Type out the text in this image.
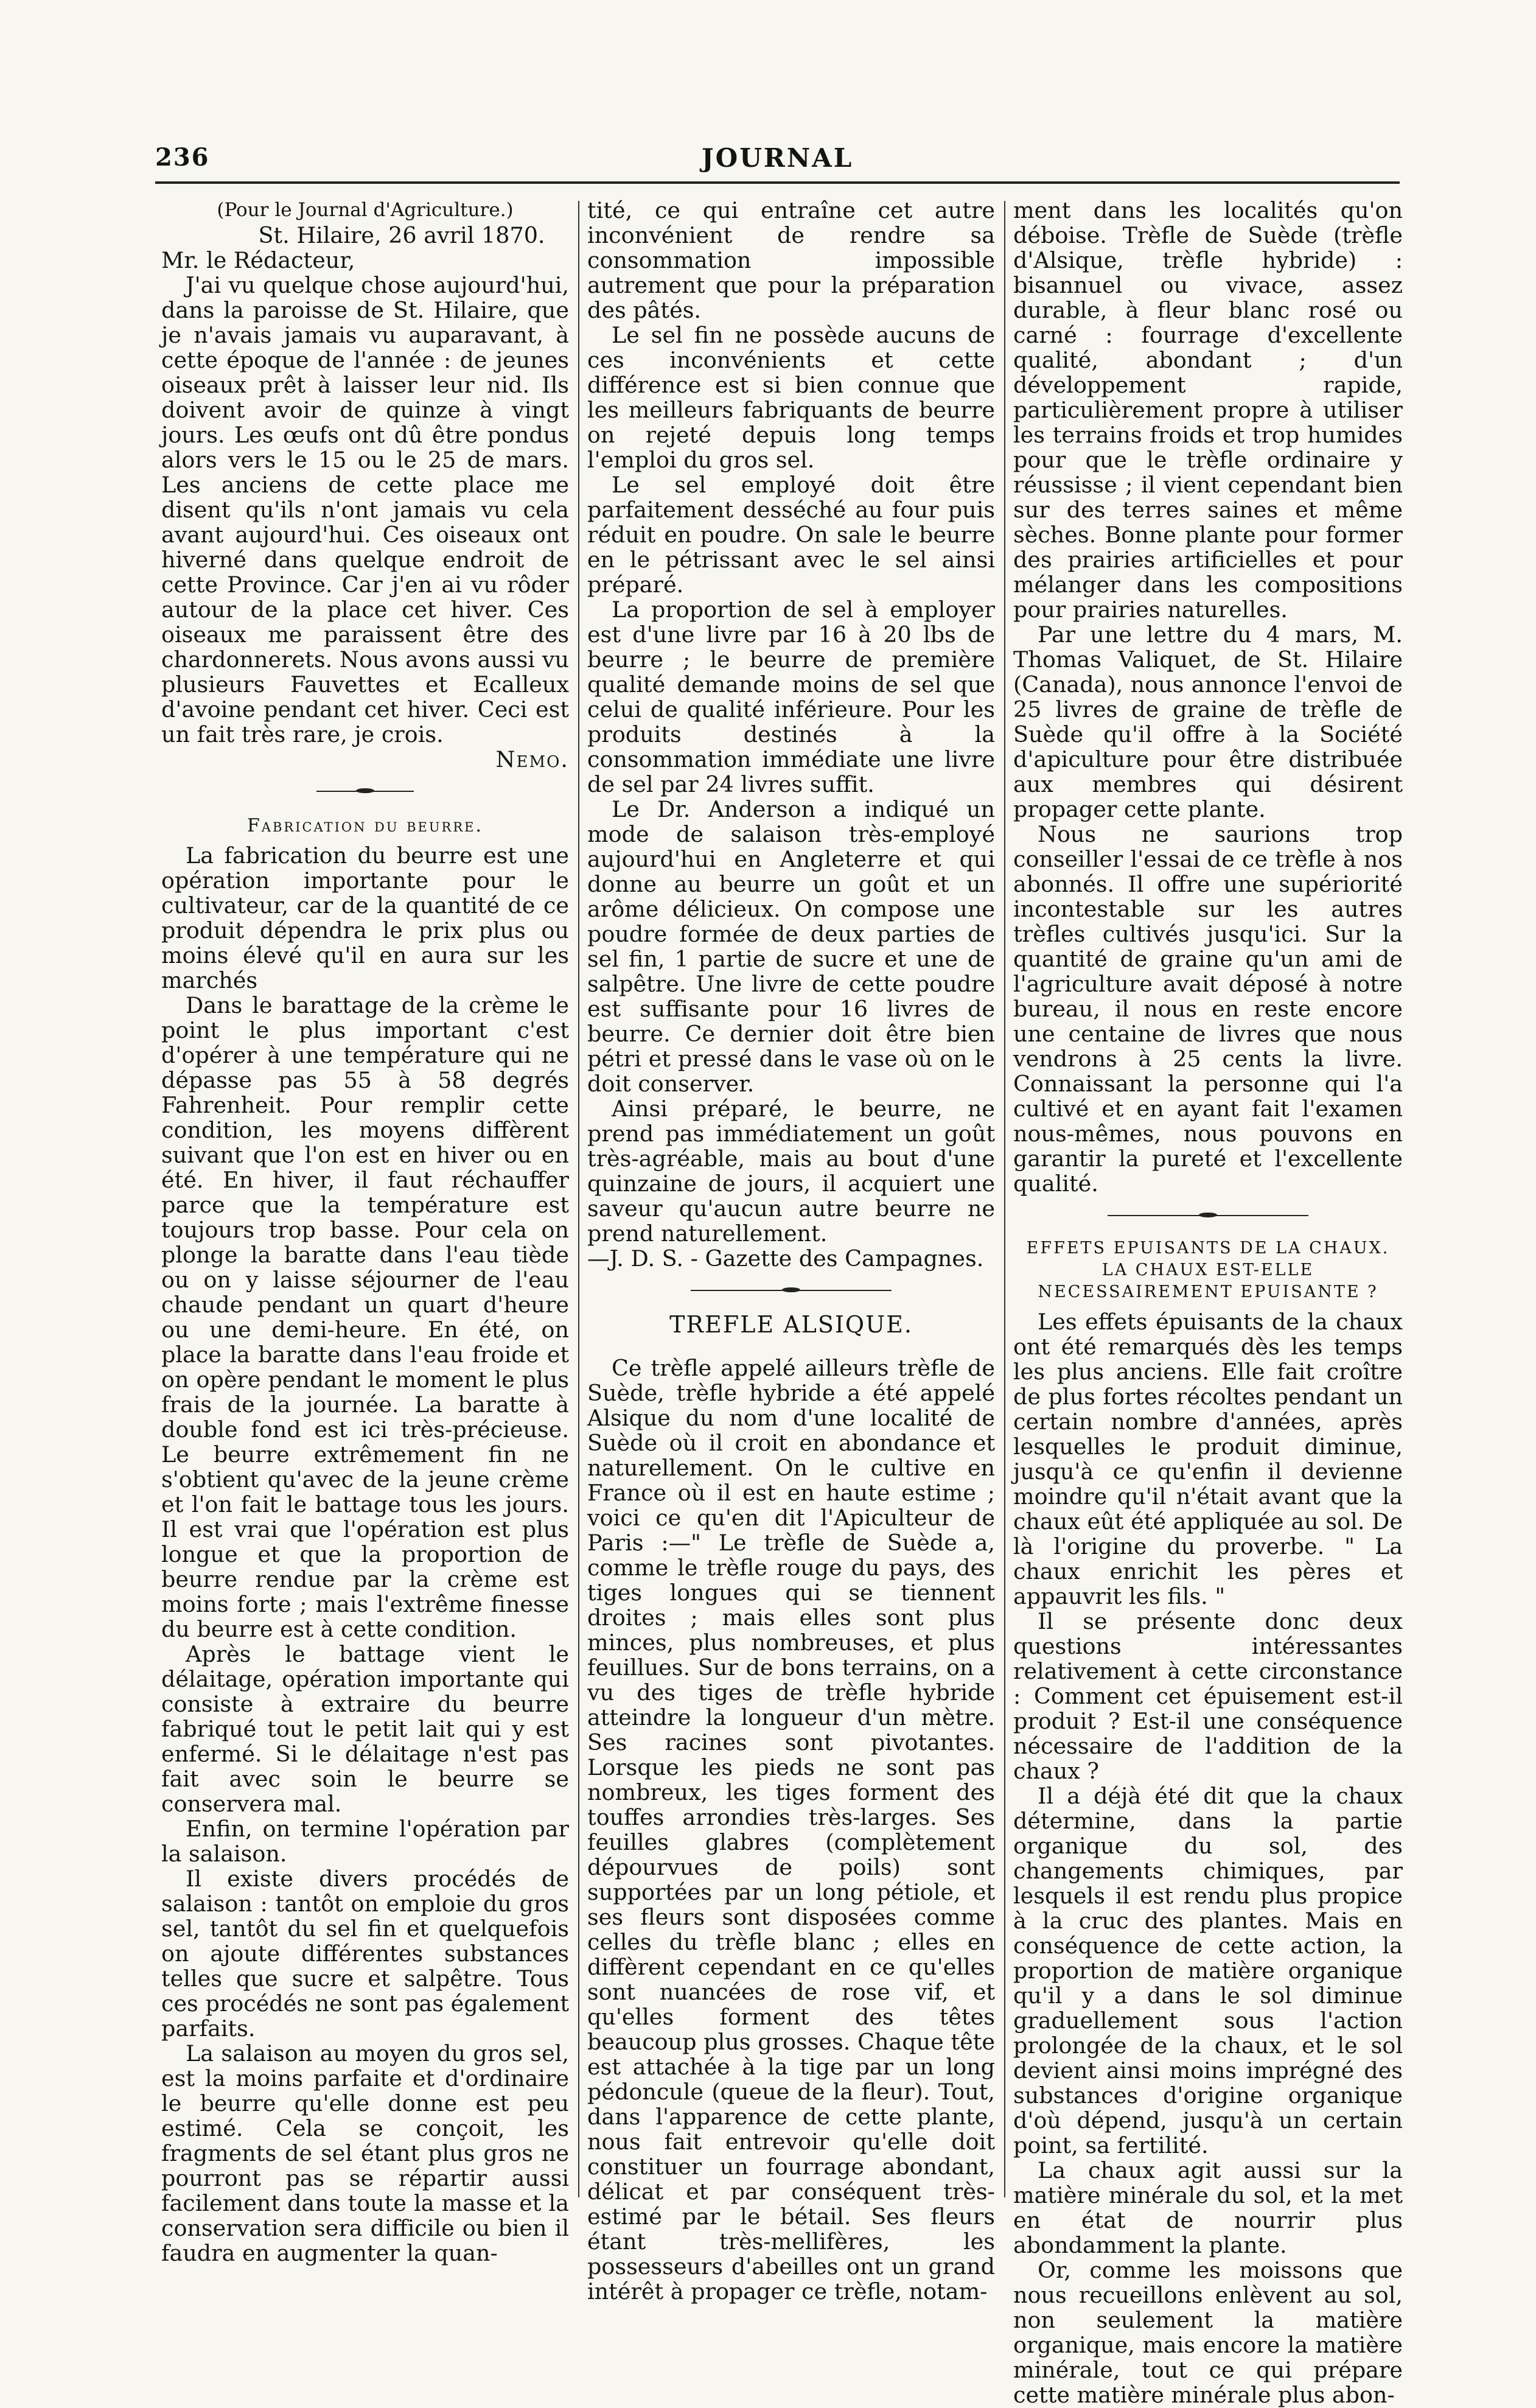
236	JOURNAL

(Pour le Journal d'Agriculture.)

St. Hilaire, 26 avril 1870.

Mr. le Rédacteur,

J'ai vu quelque chose aujourd'hui, dans la paroisse de St. Hilaire, que je n'avais jamais vu auparavant, à cette époque de l'année : de jeunes oiseaux prêt à laisser leur nid. Ils doivent avoir de quinze à vingt jours. Les œufs ont dû être pondus alors vers le 15 ou le 25 de mars. Les anciens de cette place me disent qu'ils n'ont jamais vu cela avant aujourd'hui. Ces oiseaux ont hiverné dans quelque endroit de cette Province. Car j'en ai vu rôder autour de la place cet hiver. Ces oiseaux me paraissent être des chardonnerets. Nous avons aussi vu plusieurs Fauvettes et Ecalleux d'avoine pendant cet hiver. Ceci est un fait très rare, je crois.

Nemo.

Fabrication du beurre.

La fabrication du beurre est une opération importante pour le cultivateur, car de la quantité de ce produit dépendra le prix plus ou moins élevé qu'il en aura sur les marchés

Dans le barattage de la crème le point le plus important c'est d'opérer à une température qui ne dépasse pas 55 à 58 degrés Fahrenheit. Pour remplir cette condition, les moyens diffèrent suivant que l'on est en hiver ou en été. En hiver, il faut réchauffer parce que la température est toujours trop basse. Pour cela on plonge la baratte dans l'eau tiède ou on y laisse séjourner de l'eau chaude pendant un quart d'heure ou une demi-heure. En été, on place la baratte dans l'eau froide et on opère pendant le moment le plus frais de la journée. La baratte à double fond est ici très-précieuse. Le beurre extrêmement fin ne s'obtient qu'avec de la jeune crème et l'on fait le battage tous les jours. Il est vrai que l'opération est plus longue et que la proportion de beurre rendue par la crème est moins forte ; mais l'extrême finesse du beurre est à cette condition.

Après le battage vient le délaitage, opération importante qui consiste à extraire du beurre fabriqué tout le petit lait qui y est enfermé. Si le délaitage n'est pas fait avec soin le beurre se conservera mal.

Enfin, on termine l'opération par la salaison.

Il existe divers procédés de salaison : tantôt on emploie du gros sel, tantôt du sel fin et quelquefois on ajoute différentes substances telles que sucre et salpêtre. Tous ces procédés ne sont pas également parfaits.

La salaison au moyen du gros sel, est la moins parfaite et d'ordinaire le beurre qu'elle donne est peu estimé. Cela se conçoit, les fragments de sel étant plus gros ne pourront pas se répartir aussi facilement dans toute la masse et la conservation sera difficile ou bien il faudra en augmenter la quan-

tité, ce qui entraîne cet autre inconvénient de rendre sa consommation impossible autrement que pour la préparation des pâtés.

Le sel fin ne possède aucuns de ces inconvénients et cette différence est si bien connue que les meilleurs fabriquants de beurre on rejeté depuis long temps l'emploi du gros sel.

Le sel employé doit être parfaitement desséché au four puis réduit en poudre. On sale le beurre en le pétrissant avec le sel ainsi préparé.

La proportion de sel à employer est d'une livre par 16 à 20 lbs de beurre ; le beurre de première qualité demande moins de sel que celui de qualité inférieure. Pour les produits destinés à la consommation immédiate une livre de sel par 24 livres suffit.

Le Dr. Anderson a indiqué un mode de salaison très-employé aujourd'hui en Angleterre et qui donne au beurre un goût et un arôme délicieux. On compose une poudre formée de deux parties de sel fin, 1 partie de sucre et une de salpêtre. Une livre de cette poudre est suffisante pour 16 livres de beurre. Ce dernier doit être bien pétri et pressé dans le vase où on le doit conserver.

Ainsi préparé, le beurre, ne prend pas immédiatement un goût très-agréable, mais au bout d'une quinzaine de jours, il acquiert une saveur qu'aucun autre beurre ne prend naturellement.

—J. D. S. - Gazette des Campagnes.

TREFLE ALSIQUE.

Ce trèfle appelé ailleurs trèfle de Suède, trèfle hybride a été appelé Alsique du nom d'une localité de Suède où il croit en abondance et naturellement. On le cultive en France où il est en haute estime ; voici ce qu'en dit l'Apiculteur de Paris :—" Le trèfle de Suède a, comme le trèfle rouge du pays, des tiges longues qui se tiennent droites ; mais elles sont plus minces, plus nombreuses, et plus feuillues. Sur de bons terrains, on a vu des tiges de trèfle hybride atteindre la longueur d'un mètre. Ses racines sont pivotantes. Lorsque les pieds ne sont pas nombreux, les tiges forment des touffes arrondies très-larges. Ses feuilles glabres (complètement dépourvues de poils) sont supportées par un long pétiole, et ses fleurs sont disposées comme celles du trèfle blanc ; elles en diffèrent cependant en ce qu'elles sont nuancées de rose vif, et qu'elles forment des têtes beaucoup plus grosses. Chaque tête est attachée à la tige par un long pédoncule (queue de la fleur). Tout, dans l'apparence de cette plante, nous fait entrevoir qu'elle doit constituer un fourrage abondant, délicat et par conséquent très-estimé par le bétail. Ses fleurs étant très-mellifères, les possesseurs d'abeilles ont un grand intérêt à propager ce trèfle, notam-

ment dans les localités qu'on déboise. Trèfle de Suède (trèfle d'Alsique, trèfle hybride) : bisannuel ou vivace, assez durable, à fleur blanc rosé ou carné : fourrage d'excellente qualité, abondant ; d'un développement rapide, particulièrement propre à utiliser les terrains froids et trop humides pour que le trèfle ordinaire y réussisse ; il vient cependant bien sur des terres saines et même sèches. Bonne plante pour former des prairies artificielles et pour mélanger dans les compositions pour prairies naturelles.

Par une lettre du 4 mars, M. Thomas Valiquet, de St. Hilaire (Canada), nous annonce l'envoi de 25 livres de graine de trèfle de Suède qu'il offre à la Société d'apiculture pour être distribuée aux membres qui désirent propager cette plante.

Nous ne saurions trop conseiller l'essai de ce trèfle à nos abonnés. Il offre une supériorité incontestable sur les autres trèfles cultivés jusqu'ici. Sur la quantité de graine qu'un ami de l'agriculture avait déposé à notre bureau, il nous en reste encore une centaine de livres que nous vendrons à 25 cents la livre. Connaissant la personne qui l'a cultivé et en ayant fait l'examen nous-mêmes, nous pouvons en garantir la pureté et l'excellente qualité.

EFFETS EPUISANTS DE LA CHAUX. LA CHAUX EST-ELLE NECESSAIREMENT EPUISANTE ?

Les effets épuisants de la chaux ont été remarqués dès les temps les plus anciens. Elle fait croître de plus fortes récoltes pendant un certain nombre d'années, après lesquelles le produit diminue, jusqu'à ce qu'enfin il devienne moindre qu'il n'était avant que la chaux eût été appliquée au sol. De là l'origine du proverbe. " La chaux enrichit les pères et appauvrit les fils. "

Il se présente donc deux questions intéressantes relativement à cette circonstance : Comment cet épuisement est-il produit ? Est-il une conséquence nécessaire de l'addition de la chaux ?

Il a déjà été dit que la chaux détermine, dans la partie organique du sol, des changements chimiques, par lesquels il est rendu plus propice à la cruc des plantes. Mais en conséquence de cette action, la proportion de matière organique qu'il y a dans le sol diminue graduellement sous l'action prolongée de la chaux, et le sol devient ainsi moins imprégné des substances d'origine organique d'où dépend, jusqu'à un certain point, sa fertilité.

La chaux agit aussi sur la matière minérale du sol, et la met en état de nourrir plus abondamment la plante.

Or, comme les moissons que nous recueillons enlèvent au sol, non seulement la matière organique, mais encore la matière minérale, tout ce qui prépare cette matière minérale plus abon-
